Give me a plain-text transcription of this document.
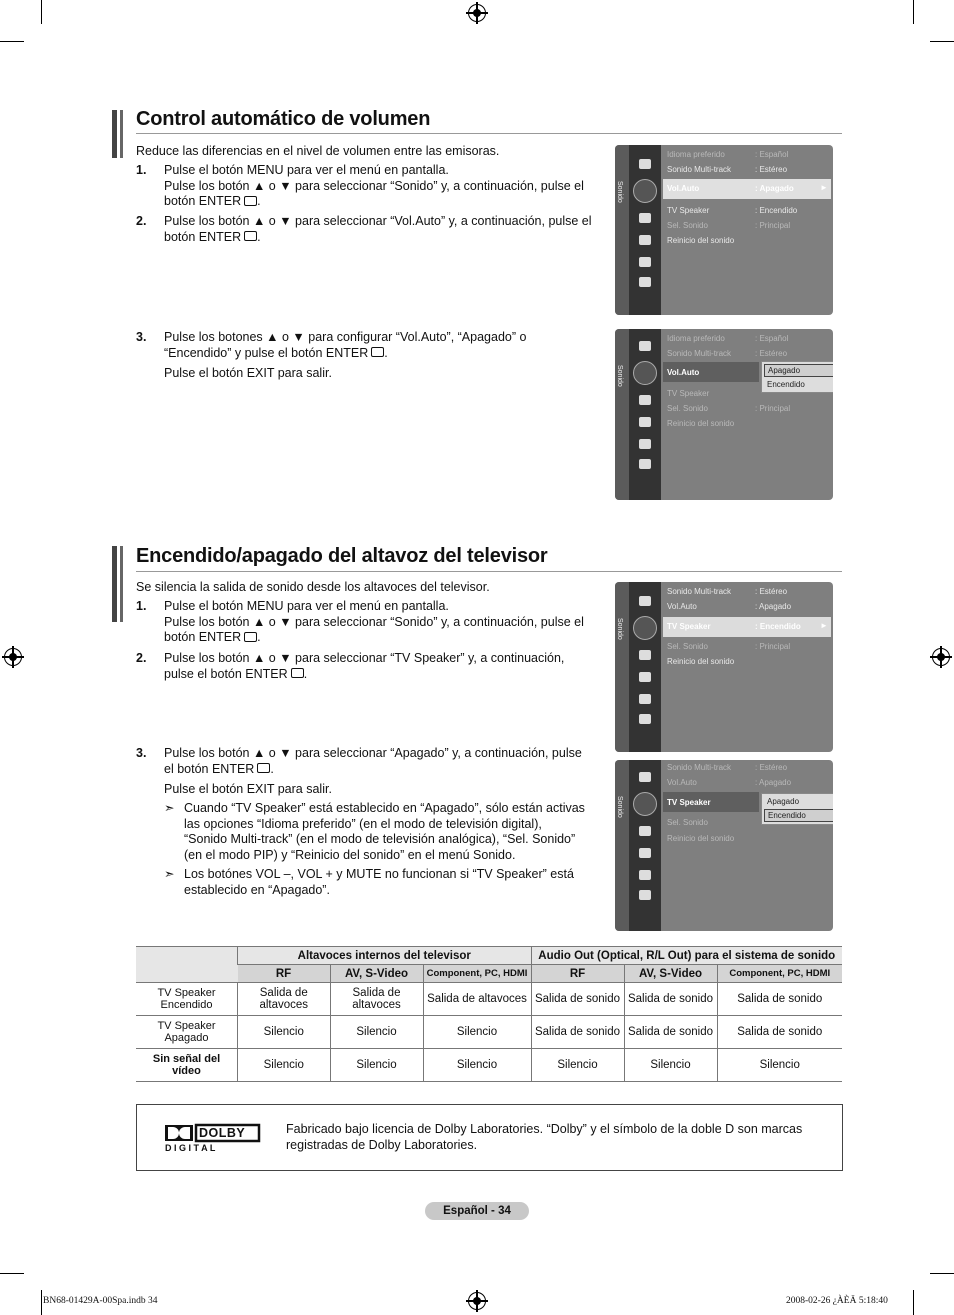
Control automático de volumen
Reduce las diferencias en el nivel de volumen entre las emisoras.
1. Pulse el botón MENU para ver el menú en pantalla.
Pulse los botón ▲ o ▼ para seleccionar “Sonido” y, a continuación, pulse el
botón ENTER .
2. Pulse los botón ▲ o ▼ para seleccionar “Vol.Auto” y, a continuación, pulse el
botón ENTER .
3. Pulse los botones ▲ o ▼ para configurar “Vol.Auto”, “Apagado” o
“Encendido” y pulse el botón ENTER .
Pulse el botón EXIT para salir.
Sonido
Idioma preferido	: Español
Sonido Multi-track	: Estéreo
Vol.Auto	: Apagado	►
TV Speaker	: Encendido
Sel. Sonido	: Principal
Reinicio del sonido
Sonido
Idioma preferido	: Español
Sonido Multi-track	: Estéreo
Vol.Auto
TV Speaker
Sel. Sonido	: Principal
Reinicio del sonido
Apagado
Encendido
Encendido/apagado del altavoz del televisor
Se silencia la salida de sonido desde los altavoces del televisor.
1. Pulse el botón MENU para ver el menú en pantalla.
Pulse los botón ▲ o ▼ para seleccionar “Sonido” y, a continuación, pulse el
botón ENTER .
2. Pulse los botón ▲ o ▼ para seleccionar “TV Speaker” y, a continuación,
pulse el botón ENTER .
3. Pulse los botón ▲ o ▼ para seleccionar “Apagado” y, a continuación, pulse
el botón ENTER .
Pulse el botón EXIT para salir.
➣ Cuando “TV Speaker” está establecido en “Apagado”, sólo están activas
las opciones “Idioma preferido” (en el modo de televisión digital),
“Sonido Multi-track” (en el modo de televisión analógica), “Sel. Sonido”
(en el modo PIP) y “Reinicio del sonido” en el menú Sonido.
➣ Los botónes VOL –, VOL + y MUTE no funcionan si “TV Speaker” está
establecido en “Apagado”.
Sonido
Sonido Multi-track	: Estéreo
Vol.Auto	: Apagado
TV Speaker	: Encendido ►
Sel. Sonido	: Principal
Reinicio del sonido
Sonido
Sonido Multi-track	: Estéreo
Vol.Auto	: Apagado
TV Speaker
Sel. Sonido
Reinicio del sonido
Apagado
Encendido
	Altavoces internos del televisor			Audio Out (Optical, R/L Out) para el sistema de sonido		
	RF	AV, S-Video	Component, PC, HDMI	RF	AV, S-Video	Component, PC, HDMI
TV Speaker Encendido	Salida de altavoces	Salida de altavoces	Salida de altavoces	Salida de sonido	Salida de sonido	Salida de sonido
TV Speaker Apagado	Silencio	Silencio	Silencio	Salida de sonido	Salida de sonido	Salida de sonido
Sin señal del vídeo	Silencio	Silencio	Silencio	Silencio	Silencio	Silencio
DOLBY
D I G I T A L
Fabricado bajo licencia de Dolby Laboratories. “Dolby” y el símbolo de la doble D son marcas
registradas de Dolby Laboratories.
Español - 34
BN68-01429A-00Spa.indb 34	2008-02-26 ¿ÀÈÄ 5:18:40
